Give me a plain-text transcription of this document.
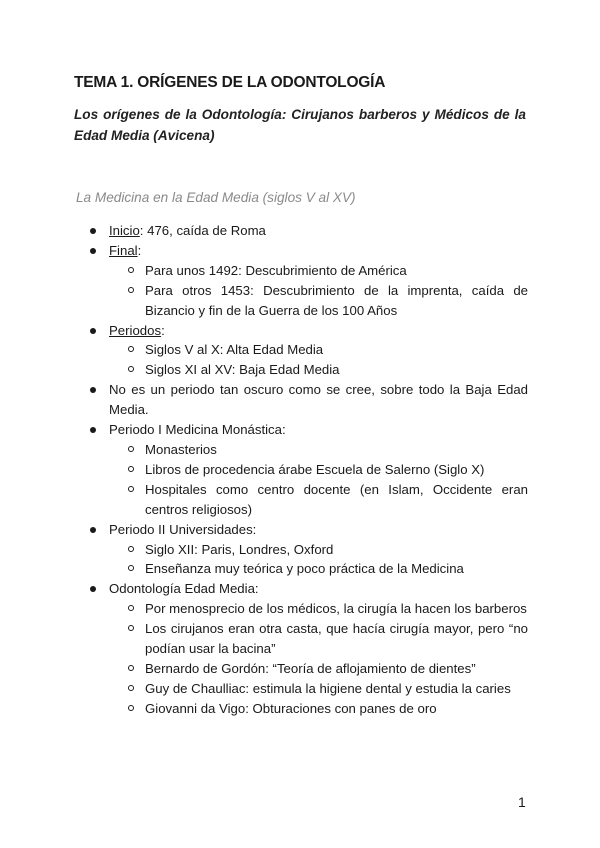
TEMA 1. ORÍGENES DE LA ODONTOLOGÍA
Los orígenes de la Odontología: Cirujanos barberos y Médicos de la Edad Media (Avicena)
La Medicina en la Edad Media (siglos V al XV)
Inicio: 476, caída de Roma
Final:
Para unos 1492: Descubrimiento de América
Para otros 1453: Descubrimiento de la imprenta, caída de Bizancio y fin de la Guerra de los 100 Años
Periodos:
Siglos V al X: Alta Edad Media
Siglos XI al XV: Baja Edad Media
No es un periodo tan oscuro como se cree, sobre todo la Baja Edad Media.
Periodo I Medicina Monástica:
Monasterios
Libros de procedencia árabe Escuela de Salerno (Siglo X)
Hospitales como centro docente (en Islam, Occidente eran centros religiosos)
Periodo II Universidades:
Siglo XII: Paris, Londres, Oxford
Enseñanza muy teórica y poco práctica de la Medicina
Odontología Edad Media:
Por menosprecio de los médicos, la cirugía la hacen los barberos
Los cirujanos eran otra casta, que hacía cirugía mayor, pero “no podían usar la bacina”
Bernardo de Gordón: “Teoría de aflojamiento de dientes”
Guy de Chaulliac: estimula la higiene dental y estudia la caries
Giovanni da Vigo: Obturaciones con panes de oro
1
